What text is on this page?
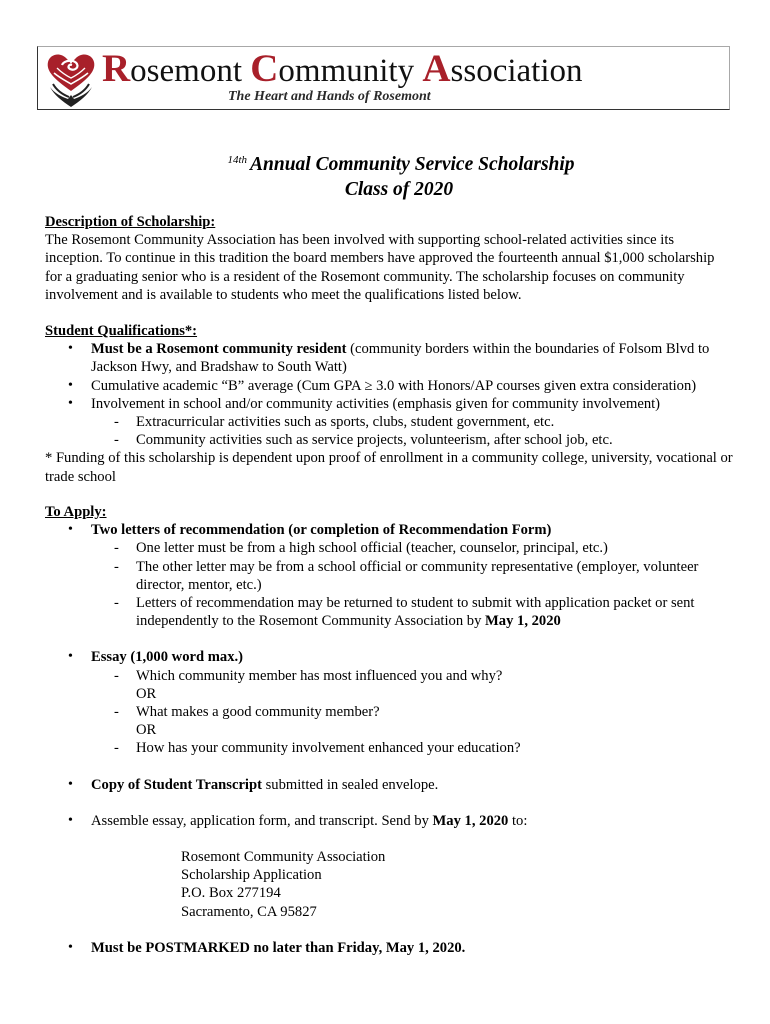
Rosemont Community Association
The Heart and Hands of Rosemont
$^{14th}$ Annual Community Service Scholarship
Class of 2020
Description of Scholarship:

The Rosemont Community Association has been involved with supporting school-related activities since its inception. To continue in this tradition the board members have approved the fourteenth annual $1,000 scholarship for a graduating senior who is a resident of the Rosemont community. The scholarship focuses on community involvement and is available to students who meet the qualifications listed below.

Student Qualifications*:
• Must be a Rosemont community resident (community borders within the boundaries of Folsom Blvd to Jackson Hwy, and Bradshaw to South Watt)
• Cumulative academic “B” average (Cum GPA ≥ 3.0 with Honors/AP courses given extra consideration)
• Involvement in school and/or community activities (emphasis given for community involvement)
- Extracurricular activities such as sports, clubs, student government, etc.
- Community activities such as service projects, volunteerism, after school job, etc.

* Funding of this scholarship is dependent upon proof of enrollment in a community college, university, vocational or trade school

To Apply:
• Two letters of recommendation (or completion of Recommendation Form)
- One letter must be from a high school official (teacher, counselor, principal, etc.)
- The other letter may be from a school official or community representative (employer, volunteer director, mentor, etc.)
- Letters of recommendation may be returned to student to submit with application packet or sent independently to the Rosemont Community Association by May 1, 2020
• Essay (1,000 word max.)
- Which community member has most influenced you and why?
OR
- What makes a good community member?
OR
- How has your community involvement enhanced your education?
• Copy of Student Transcript submitted in sealed envelope.
• Assemble essay, application form, and transcript. Send by May 1, 2020 to:
Rosemont Community Association
Scholarship Application
P.O. Box 277194
Sacramento, CA 95827
• Must be POSTMARKED no later than Friday, May 1, 2020.
